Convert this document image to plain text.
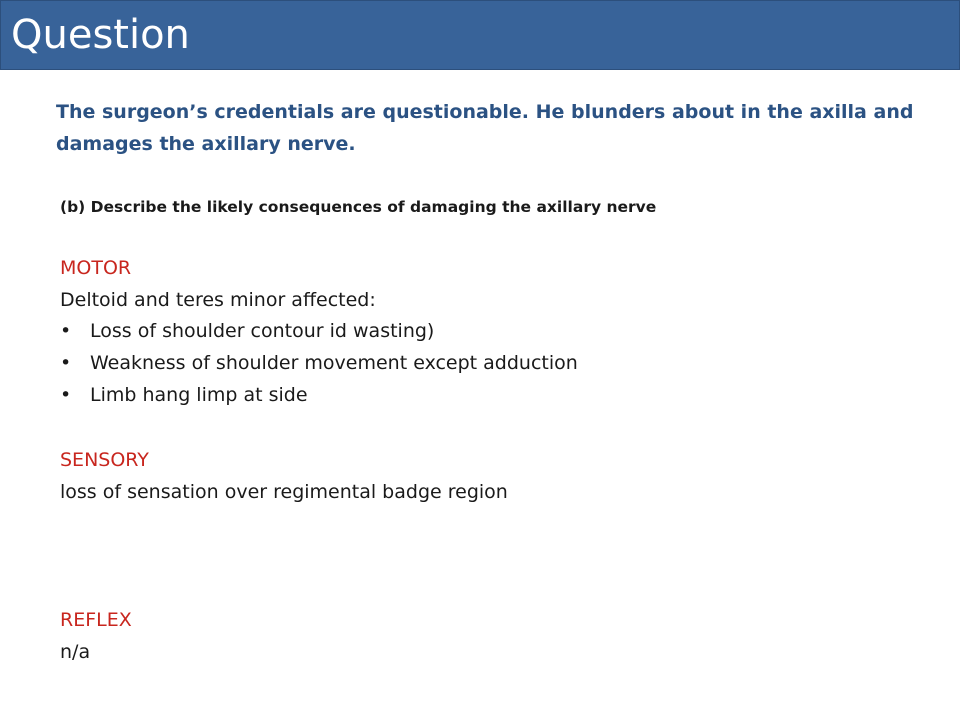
Question

The surgeon’s credentials are questionable. He blunders about in the axilla and damages the axillary nerve.

(b) Describe the likely consequences of damaging the axillary nerve

MOTOR

Deltoid and teres minor affected:

• Loss of shoulder contour id wasting)
• Weakness of shoulder movement except adduction
• Limb hang limp at side

SENSORY

loss of sensation over regimental badge region

REFLEX

n/a
